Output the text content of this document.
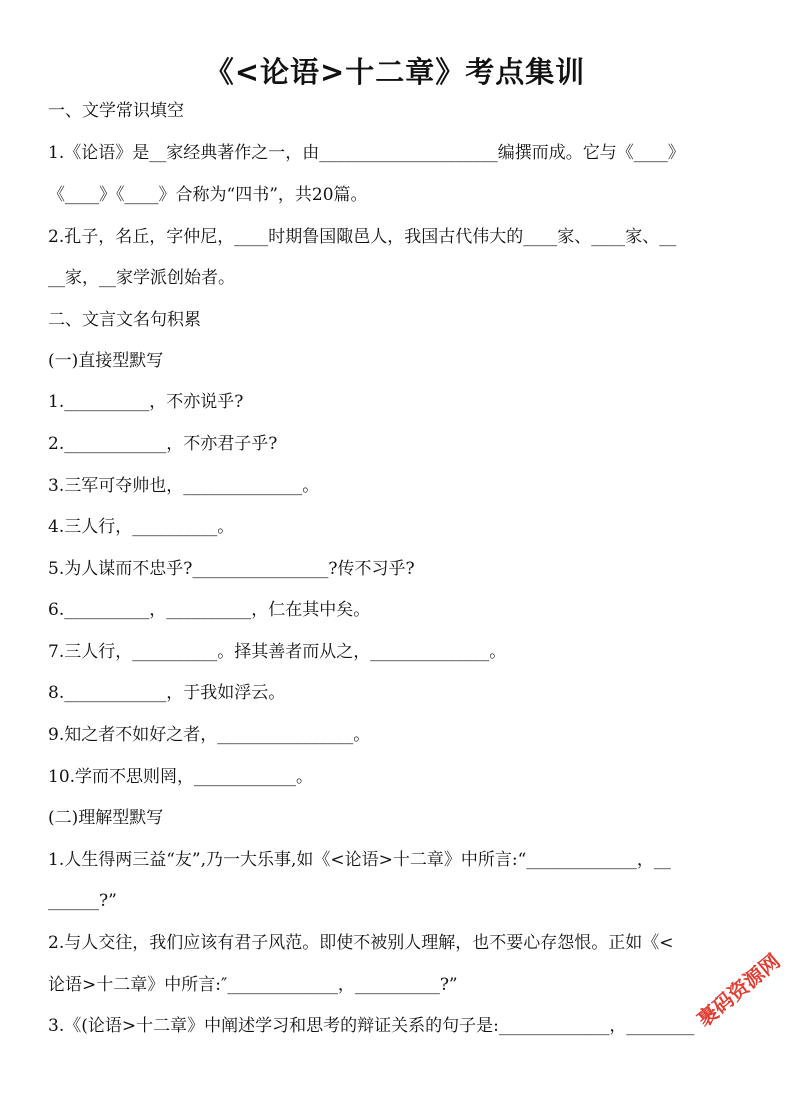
《<论语>十二章》考点集训
一、文学常识填空
1.《论语》是__家经典著作之一，由_____________________编撰而成。它与《____》
《____》《____》合称为“四书”，共20篇。
2.孔子，名丘，字仲尼，____时期鲁国陬邑人，我国古代伟大的____家、____家、__
__家，__家学派创始者。
二、文言文名句积累
(一)直接型默写
1.__________，不亦说乎?
2.____________，不亦君子乎?
3.三军可夺帅也，______________。
4.三人行，__________。
5.为人谋而不忠乎?________________?传不习乎?
6.__________，__________，仁在其中矣。
7.三人行，__________。择其善者而从之，______________。
8.____________，于我如浮云。
9.知之者不如好之者，________________。
10.学而不思则罔，____________。
(二)理解型默写
1.人生得两三益“友”,乃一大乐事,如《<论语>十二章》中所言:“_____________，__
______?”
2.与人交往，我们应该有君子风范。即使不被别人理解，也不要心存怨恨。正如《<
论语>十二章》中所言:″_____________，__________?”
3.《(论语>十二章》中阐述学习和思考的辩证关系的句子是:_____________，________
裹码资源网
